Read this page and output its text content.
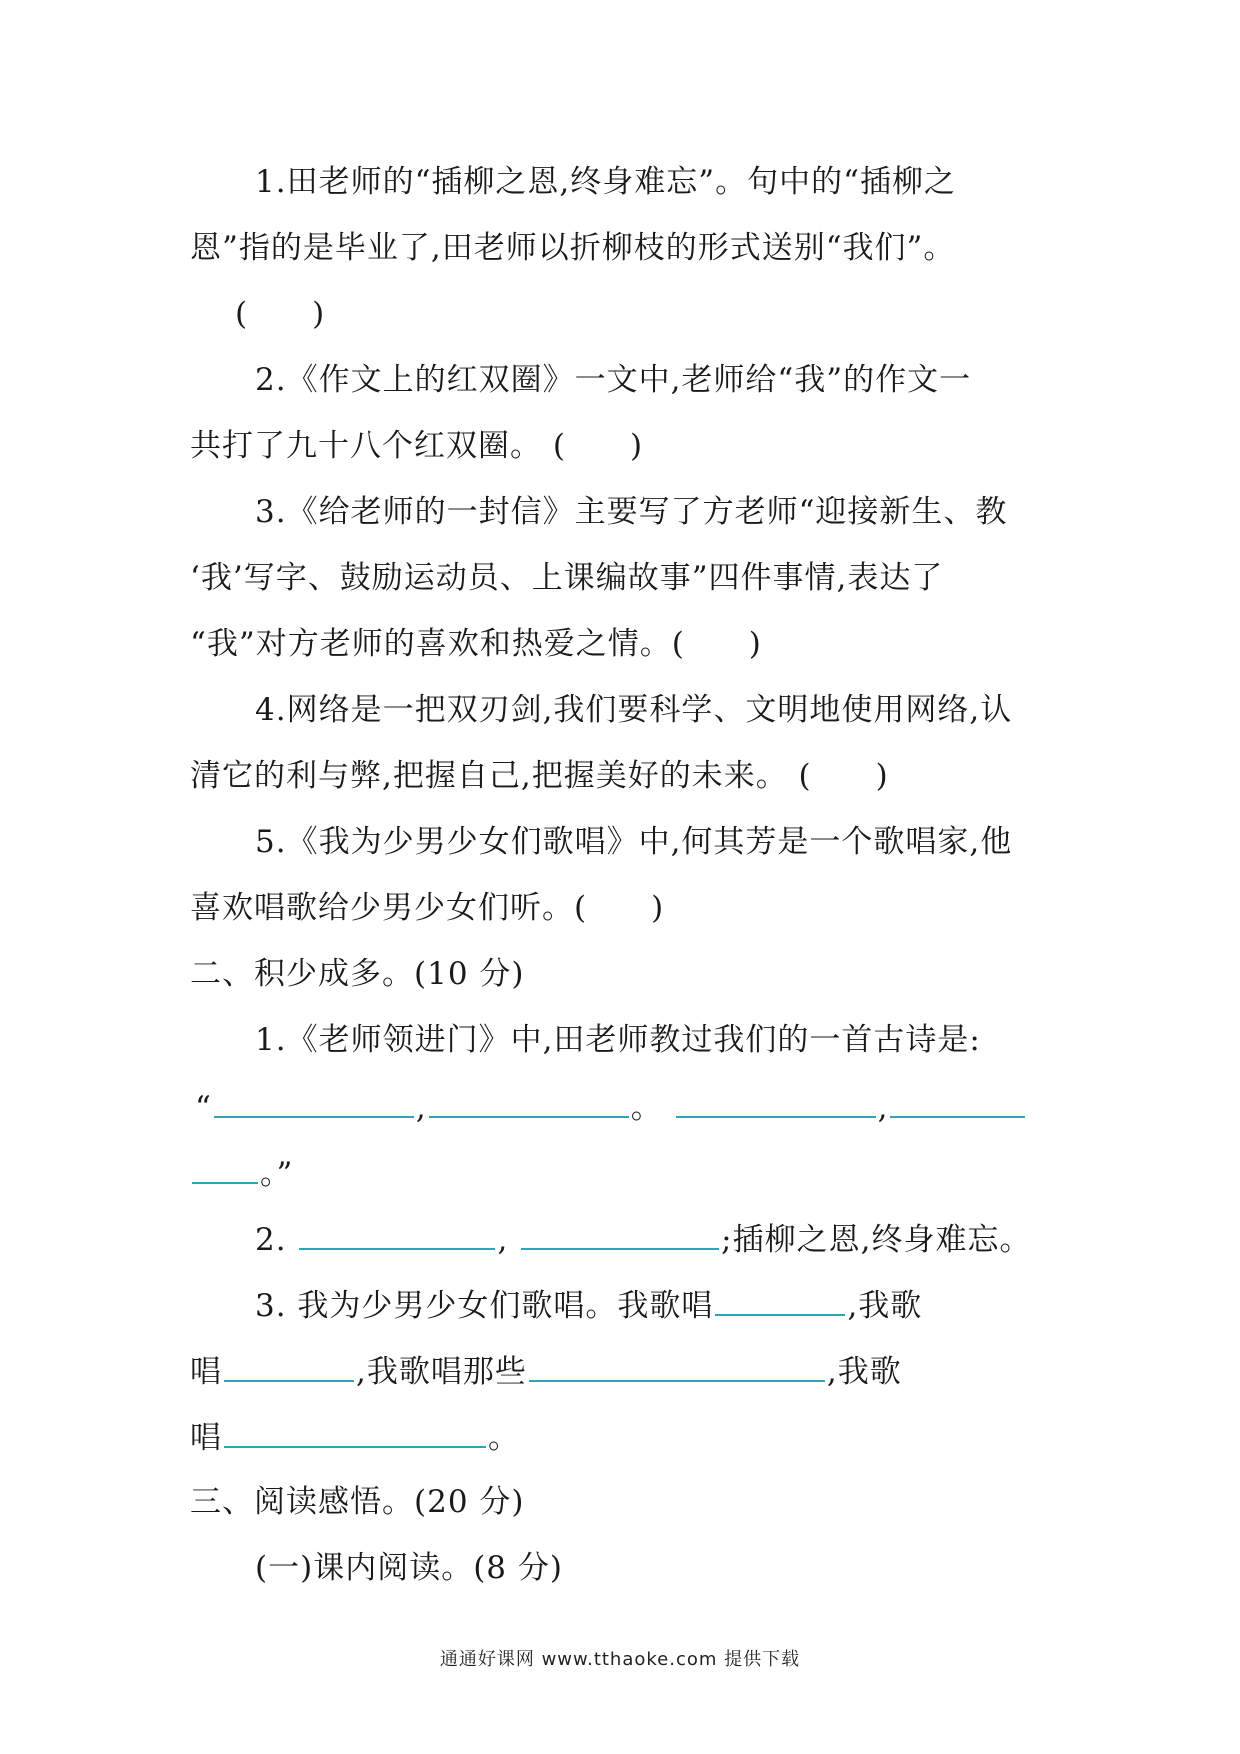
1.田老师的“插柳之恩,终身难忘”。句中的“插柳之
恩”指的是毕业了,田老师以折柳枝的形式送别“我们”。
(　　)
2.《作文上的红双圈》一文中,老师给“我”的作文一
共打了九十八个红双圈。 (　　)
3.《给老师的一封信》主要写了方老师“迎接新生、教
‘我’写字、鼓励运动员、上课编故事”四件事情,表达了
“我”对方老师的喜欢和热爱之情。(　　)
4.网络是一把双刃剑,我们要科学、文明地使用网络,认
清它的利与弊,把握自己,把握美好的未来。 (　　)
5.《我为少男少女们歌唱》中,何其芳是一个歌唱家,他
喜欢唱歌给少男少女们听。(　　)
二、积少成多。(10 分)
1.《老师领进门》中,田老师教过我们的一首古诗是:
“	,	。	,
。”
2.	,	;插柳之恩,终身难忘。
3. 我为少男少女们歌唱。我歌唱	,我歌
唱	,我歌唱那些	,我歌
唱	。
三、阅读感悟。(20 分)
(一)课内阅读。(8 分)
通通好课网 www.tthaoke.com 提供下载
